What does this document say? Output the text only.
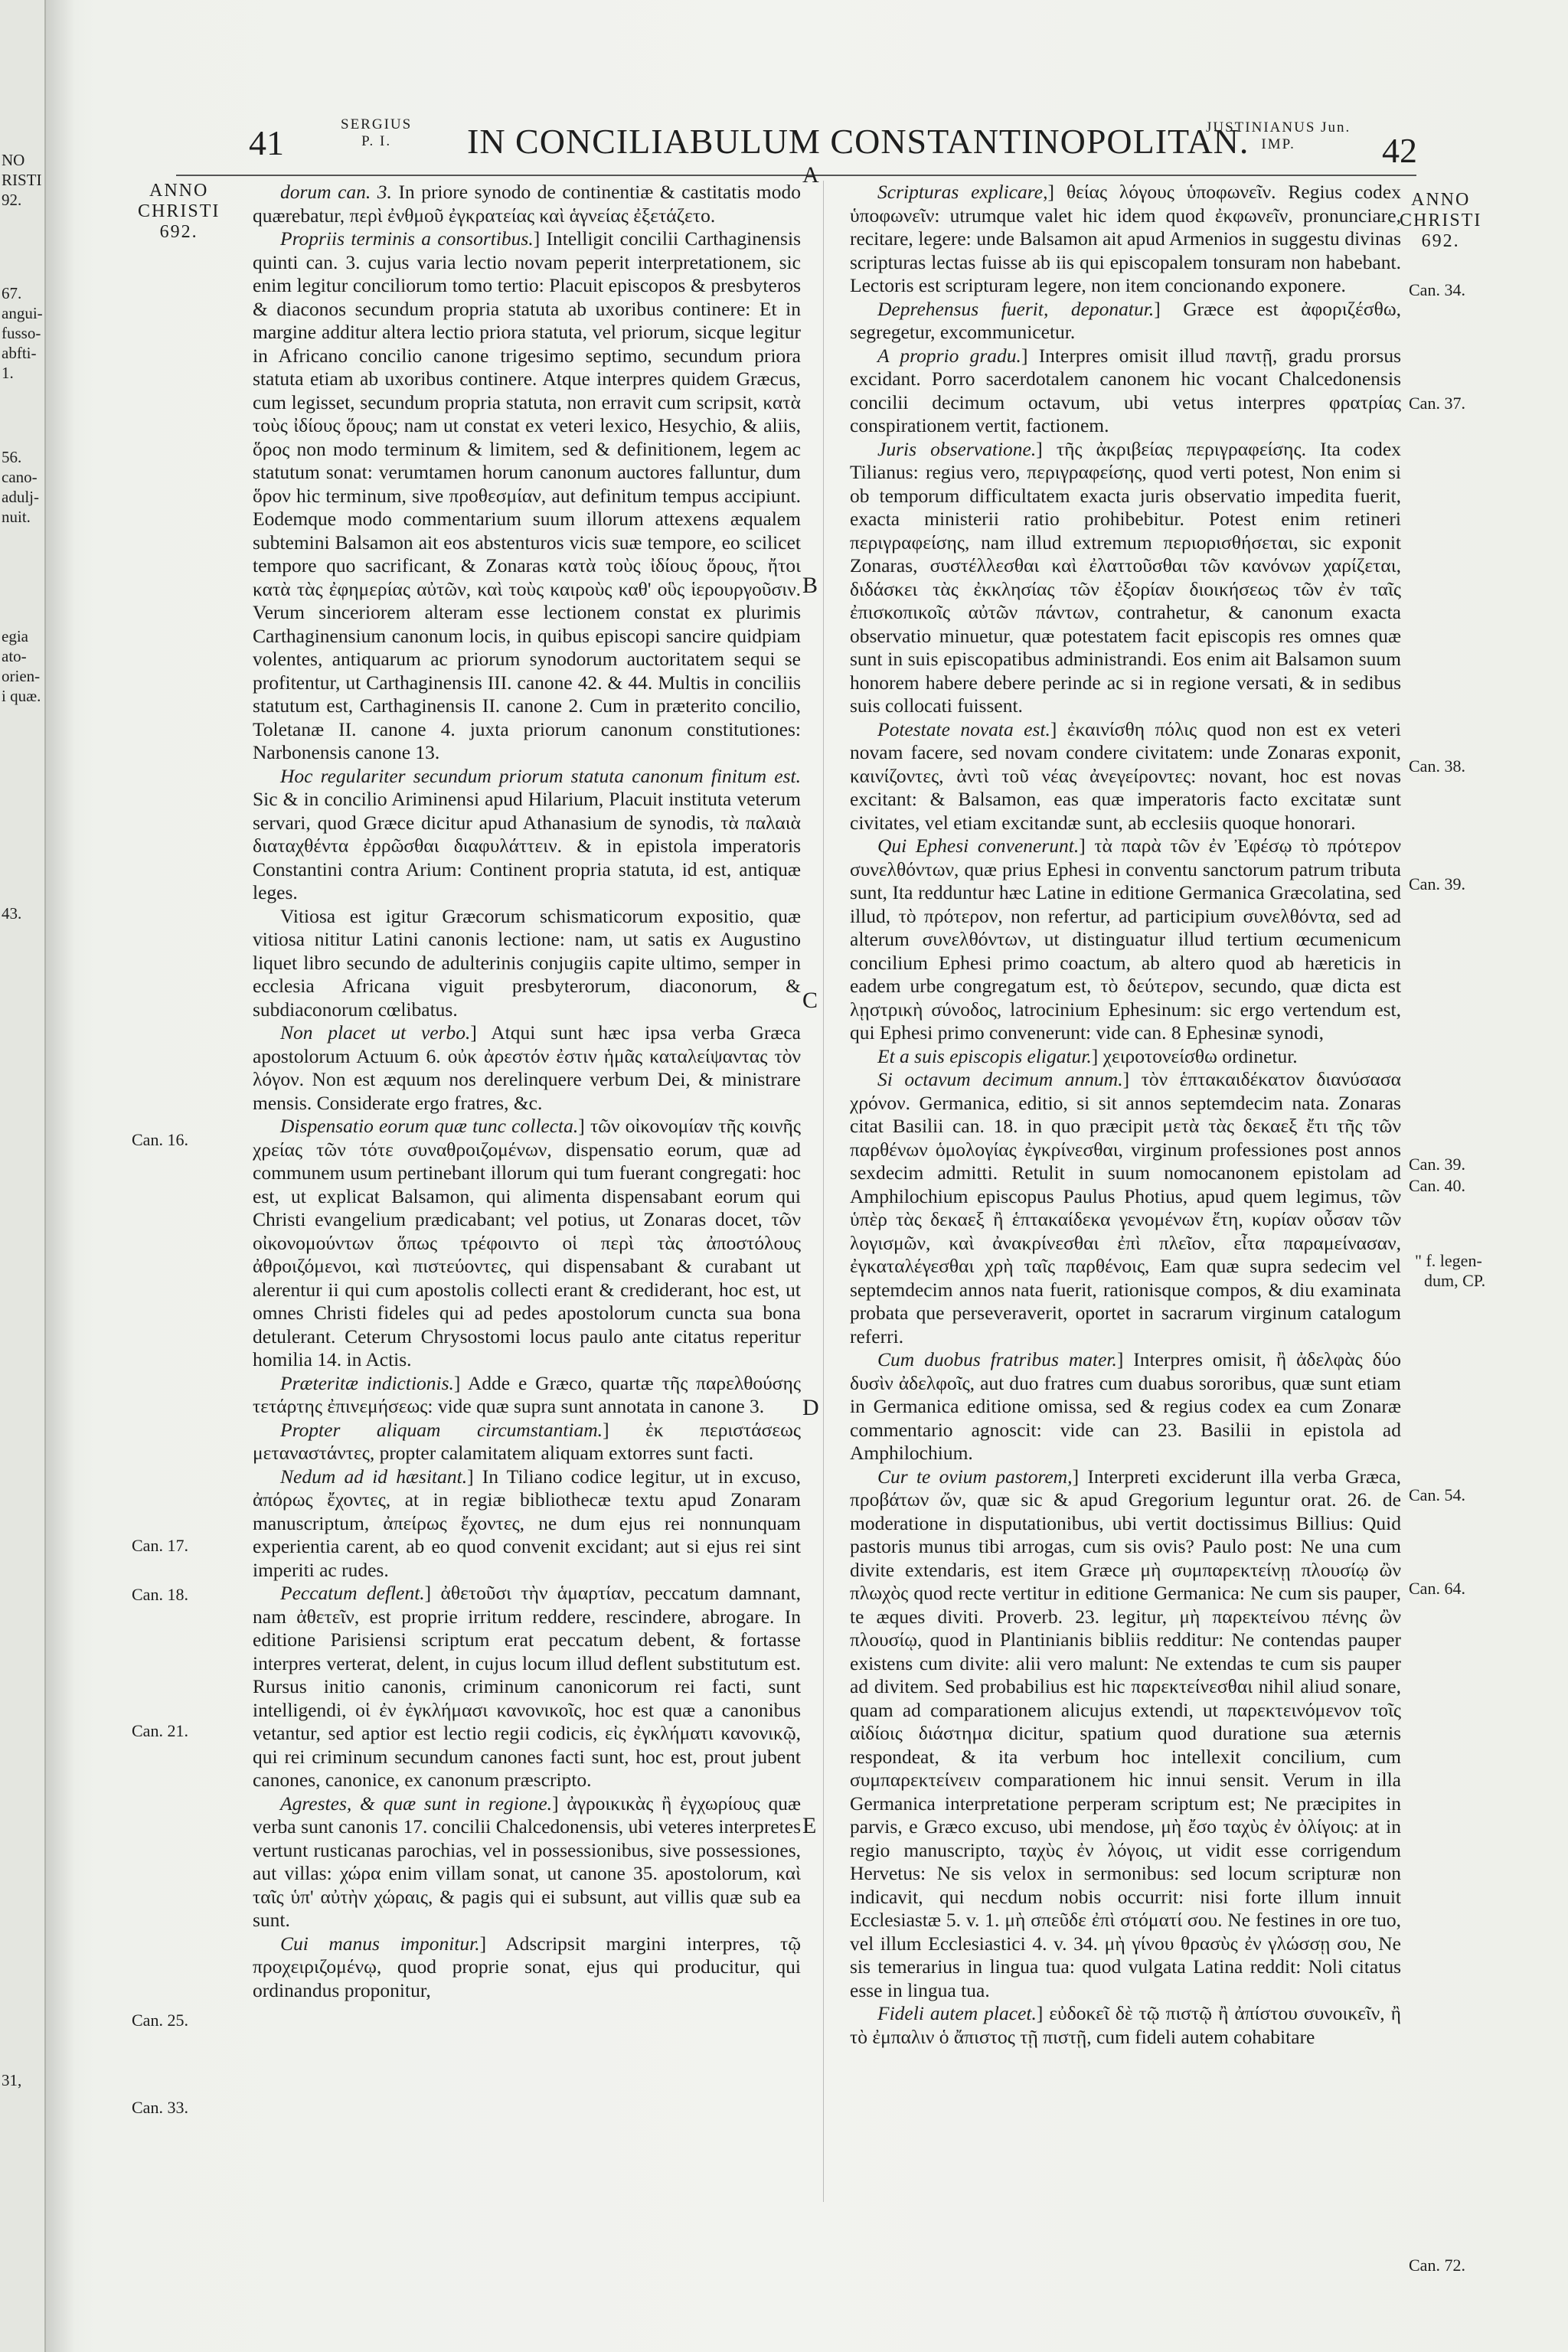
NO
RISTI
92.
67.
angui-
fusso-
abfti-
1.
56.
cano-
adulj-
nuit.
egia
ato-
orien-
i quæ.
43.
31,
41	SERGIUS
P. I.	IN CONCILIABULUM CONSTANTINOPOLITAN.
JUSTINIANUS Jun.
IMP.	42
ANNO
CHRISTI
692.
ANNO
CHRISTI
692.
Can. 16.
Can. 17.
Can. 18.
Can. 21.
Can. 25.
Can. 33.
Can. 34.
Can. 37.
Can. 38.
Can. 39.
Can. 39.
Can. 40.
" f. legen-
dum, CP.
Can. 54.
Can. 64.
Can. 72.
A
B
C
D
E

dorum can. 3. In priore synodo de continentiæ & castitatis modo quærebatur, περὶ ἐνθμοῦ ἐγκρατείας καὶ ἁγνείας ἐξετάζετο.

Propriis terminis a consortibus.] Intelligit concilii Carthaginensis quinti can. 3. cujus varia lectio novam peperit interpretationem, sic enim legitur conciliorum tomo tertio: Placuit episcopos & presbyteros & diaconos secundum propria statuta ab uxoribus continere: Et in margine additur altera lectio priora statuta, vel priorum, sicque legitur in Africano concilio canone trigesimo septimo, secundum priora statuta etiam ab uxoribus continere. Atque interpres quidem Græcus, cum legisset, secundum propria statuta, non erravit cum scripsit, κατὰ τοὺς ἰδίους ὅρους; nam ut constat ex veteri lexico, Hesychio, & aliis, ὅρος non modo terminum & limitem, sed & definitionem, legem ac statutum sonat: verumtamen horum canonum auctores falluntur, dum ὅρον hic terminum, sive προθεσμίαν, aut definitum tempus accipiunt. Eodemque modo commentarium suum illorum attexens æqualem subtemini Balsamon ait eos abstenturos vicis suæ tempore, eo scilicet tempore quo sacrificant, & Zonaras κατὰ τοὺς ἰδίους ὅρους, ἤτοι κατὰ τὰς ἐφημερίας αὐτῶν, καὶ τοὺς καιροὺς καθ' οὓς ἱερουργοῦσιν. Verum sinceriorem alteram esse lectionem constat ex plurimis Carthaginensium canonum locis, in quibus episcopi sancire quidpiam volentes, antiquarum ac priorum synodorum auctoritatem sequi se profitentur, ut Carthaginensis III. canone 42. & 44. Multis in conciliis statutum est, Carthaginensis II. canone 2. Cum in præterito concilio, Toletanæ II. canone 4. juxta priorum canonum constitutiones: Narbonensis canone 13.

Hoc regulariter secundum priorum statuta canonum finitum est. Sic & in concilio Ariminensi apud Hilarium, Placuit instituta veterum servari, quod Græce dicitur apud Athanasium de synodis, τὰ παλαιὰ διαταχθέντα ἐρρῶσθαι διαφυλάττειν. & in epistola imperatoris Constantini contra Arium: Continent propria statuta, id est, antiquæ leges.

Vitiosa est igitur Græcorum schismaticorum expositio, quæ vitiosa nititur Latini canonis lectione: nam, ut satis ex Augustino liquet libro secundo de adulterinis conjugiis capite ultimo, semper in ecclesia Africana viguit presbyterorum, diaconorum, & subdiaconorum cœlibatus.

Non placet ut verbo.] Atqui sunt hæc ipsa verba Græca apostolorum Actuum 6. οὐκ ἀρεστόν ἐστιν ἡμᾶς καταλείψαντας τὸν λόγον. Non est æquum nos derelinquere verbum Dei, & ministrare mensis. Considerate ergo fratres, &c.

Dispensatio eorum quæ tunc collecta.] τῶν οἰκονομίαν τῆς κοινῆς χρείας τῶν τότε συναθροιζομένων, dispensatio eorum, quæ ad communem usum pertinebant illorum qui tum fuerant congregati: hoc est, ut explicat Balsamon, qui alimenta dispensabant eorum qui Christi evangelium prædicabant; vel potius, ut Zonaras docet, τῶν οἰκονομούντων ὅπως τρέφοιντο οἱ περὶ τὰς ἀποστόλους ἀθροιζόμενοι, καὶ πιστεύοντες, qui dispensabant & curabant ut alerentur ii qui cum apostolis collecti erant & crediderant, hoc est, ut omnes Christi fideles qui ad pedes apostolorum cuncta sua bona detulerant. Ceterum Chrysostomi locus paulo ante citatus reperitur homilia 14. in Actis.

Præteritæ indictionis.] Adde e Græco, quartæ τῆς παρελθούσης τετάρτης ἐπινεμήσεως: vide quæ supra sunt annotata in canone 3.

Propter aliquam circumstantiam.] ἐκ περιστάσεως μεταναστάντες, propter calamitatem aliquam extorres sunt facti.

Nedum ad id hæsitant.] In Tiliano codice legitur, ut in excuso, ἀπόρως ἔχοντες, at in regiæ bibliothecæ textu apud Zonaram manuscriptum, ἀπείρως ἔχοντες, ne dum ejus rei nonnunquam experientia carent, ab eo quod convenit excidant; aut si ejus rei sint imperiti ac rudes.

Peccatum deflent.] ἀθετοῦσι τὴν ἁμαρτίαν, peccatum damnant, nam ἀθετεῖν, est proprie irritum reddere, rescindere, abrogare. In editione Parisiensi scriptum erat peccatum debent, & fortasse interpres verterat, delent, in cujus locum illud deflent substitutum est. Rursus initio canonis, criminum canonicorum rei facti, sunt intelligendi, οἱ ἐν ἐγκλήμασι κανονικοῖς, hoc est quæ a canonibus vetantur, sed aptior est lectio regii codicis, εἰς ἐγκλήματι κανονικῷ, qui rei criminum secundum canones facti sunt, hoc est, prout jubent canones, canonice, ex canonum præscripto.

Agrestes, & quæ sunt in regione.] ἀγροικικὰς ἢ ἐγχωρίους quæ verba sunt canonis 17. concilii Chalcedonensis, ubi veteres interpretes vertunt rusticanas parochias, vel in possessionibus, sive possessiones, aut villas: χώρα enim villam sonat, ut canone 35. apostolorum, καὶ ταῖς ὑπ' αὐτὴν χώραις, & pagis qui ei subsunt, aut villis quæ sub ea sunt.

Cui manus imponitur.] Adscripsit margini interpres, τῷ προχειριζομένῳ, quod proprie sonat, ejus qui producitur, qui ordinandus proponitur,

Scripturas explicare,] θείας λόγους ὑποφωνεῖν. Regius codex ὑποφωνεῖν: utrumque valet hic idem quod ἐκφωνεῖν, pronunciare, recitare, legere: unde Balsamon ait apud Armenios in suggestu divinas scripturas lectas fuisse ab iis qui episcopalem tonsuram non habebant. Lectoris est scripturam legere, non item concionando exponere.

Deprehensus fuerit, deponatur.] Græce est ἀφοριζέσθω, segregetur, excommunicetur.

A proprio gradu.] Interpres omisit illud παντῇ, gradu prorsus excidant. Porro sacerdotalem canonem hic vocant Chalcedonensis concilii decimum octavum, ubi vetus interpres φρατρίας conspirationem vertit, factionem.

Juris observatione.] τῆς ἀκριβείας περιγραφείσης. Ita codex Tilianus: regius vero, περιγραφείσης, quod verti potest, Non enim si ob temporum difficultatem exacta juris observatio impedita fuerit, exacta ministerii ratio prohibebitur. Potest enim retineri περιγραφείσης, nam illud extremum περιορισθήσεται, sic exponit Zonaras, συστέλλεσθαι καὶ ἐλαττοῦσθαι τῶν κανόνων χαρίζεται, διδάσκει τὰς ἐκκλησίας τῶν ἐξορίαν διοικήσεως τῶν ἐν ταῖς ἐπισκοπικοῖς αὐτῶν πάντων, contrahetur, & canonum exacta observatio minuetur, quæ potestatem facit episcopis res omnes quæ sunt in suis episcopatibus administrandi. Eos enim ait Balsamon suum honorem habere debere perinde ac si in regione versati, & in sedibus suis collocati fuissent.

Potestate novata est.] ἐκαινίσθη πόλις quod non est ex veteri novam facere, sed novam condere civitatem: unde Zonaras exponit, καινίζοντες, ἀντὶ τοῦ νέας ἀνεγείροντες: novant, hoc est novas excitant: & Balsamon, eas quæ imperatoris facto excitatæ sunt civitates, vel etiam excitandæ sunt, ab ecclesiis quoque honorari.

Qui Ephesi convenerunt.] τὰ παρὰ τῶν ἐν Ἐφέσῳ τὸ πρότερον συνελθόντων, quæ prius Ephesi in conventu sanctorum patrum tributa sunt, Ita redduntur hæc Latine in editione Germanica Græcolatina, sed illud, τὸ πρότερον, non refertur, ad participium συνελθόντα, sed ad alterum συνελθόντων, ut distinguatur illud tertium œcumenicum concilium Ephesi primo coactum, ab altero quod ab hæreticis in eadem urbe congregatum est, τὸ δεύτερον, secundo, quæ dicta est λῃστρικὴ σύνοδος, latrocinium Ephesinum: sic ergo vertendum est, qui Ephesi primo convenerunt: vide can. 8 Ephesinæ synodi,

Et a suis episcopis eligatur.] χειροτονείσθω ordinetur.

Si octavum decimum annum.] τὸν ἑπτακαιδέκατον διανύσασα χρόνον. Germanica, editio, si sit annos septemdecim nata. Zonaras citat Basilii can. 18. in quo præcipit μετὰ τὰς δεκαεξ ἔτι τῆς τῶν παρθένων ὁμολογίας ἐγκρίνεσθαι, virginum professiones post annos sexdecim admitti. Retulit in suum nomocanonem epistolam ad Amphilochium episcopus Paulus Photius, apud quem legimus, τῶν ὑπὲρ τὰς δεκαεξ ἢ ἑπτακαίδεκα γενομένων ἔτη, κυρίαν οὖσαν τῶν λογισμῶν, καὶ ἀνακρίνεσθαι ἐπὶ πλεῖον, εἶτα παραμείνασαν, ἐγκαταλέγεσθαι χρὴ ταῖς παρθένοις, Eam quæ supra sedecim vel septemdecim annos nata fuerit, rationisque compos, & diu examinata probata que perseveraverit, oportet in sacrarum virginum catalogum referri.

Cum duobus fratribus mater.] Interpres omisit, ἢ ἀδελφὰς δύο δυσὶν ἀδελφοῖς, aut duo fratres cum duabus sororibus, quæ sunt etiam in Germanica editione omissa, sed & regius codex ea cum Zonaræ commentario agnoscit: vide can 23. Basilii in epistola ad Amphilochium.

Cur te ovium pastorem,] Interpreti exciderunt illa verba Græca, προβάτων ὤν, quæ sic & apud Gregorium leguntur orat. 26. de moderatione in disputationibus, ubi vertit doctissimus Billius: Quid pastoris munus tibi arrogas, cum sis ovis? Paulo post: Ne una cum divite extendaris, est item Græce μὴ συμπαρεκτείνῃ πλουσίῳ ὢν πλωχὸς quod recte vertitur in editione Germanica: Ne cum sis pauper, te æques diviti. Proverb. 23. legitur, μὴ παρεκτείνου πένης ὢν πλουσίῳ, quod in Plantinianis bibliis redditur: Ne contendas pauper existens cum divite: alii vero malunt: Ne extendas te cum sis pauper ad divitem. Sed probabilius est hic παρεκτείνεσθαι nihil aliud sonare, quam ad comparationem alicujus extendi, ut παρεκτεινόμενον τοῖς αἰδίοις διάστημα dicitur, spatium quod duratione sua æternis respondeat, & ita verbum hoc intellexit concilium, cum συμπαρεκτείνειν comparationem hic innui sensit. Verum in illa Germanica interpretatione perperam scriptum est; Ne præcipites in parvis, e Græco excuso, ubi mendose, μὴ ἔσο ταχὺς ἐν ὀλίγοις: at in regio manuscripto, ταχὺς ἐν λόγοις, ut vidit esse corrigendum Hervetus: Ne sis velox in sermonibus: sed locum scripturæ non indicavit, qui necdum nobis occurrit: nisi forte illum innuit Ecclesiastæ 5. v. 1. μὴ σπεῦδε ἐπὶ στόματί σου. Ne festines in ore tuo, vel illum Ecclesiastici 4. v. 34. μὴ γίνου θρασὺς ἐν γλώσσῃ σου, Ne sis temerarius in lingua tua: quod vulgata Latina reddit: Noli citatus esse in lingua tua.

Fideli autem placet.] εὐδοκεῖ δὲ τῷ πιστῷ ἢ ἀπίστου συνοικεῖν, ἢ τὸ ἐμπαλιν ὁ ἄπιστος τῇ πιστῇ, cum fideli autem cohabitare
